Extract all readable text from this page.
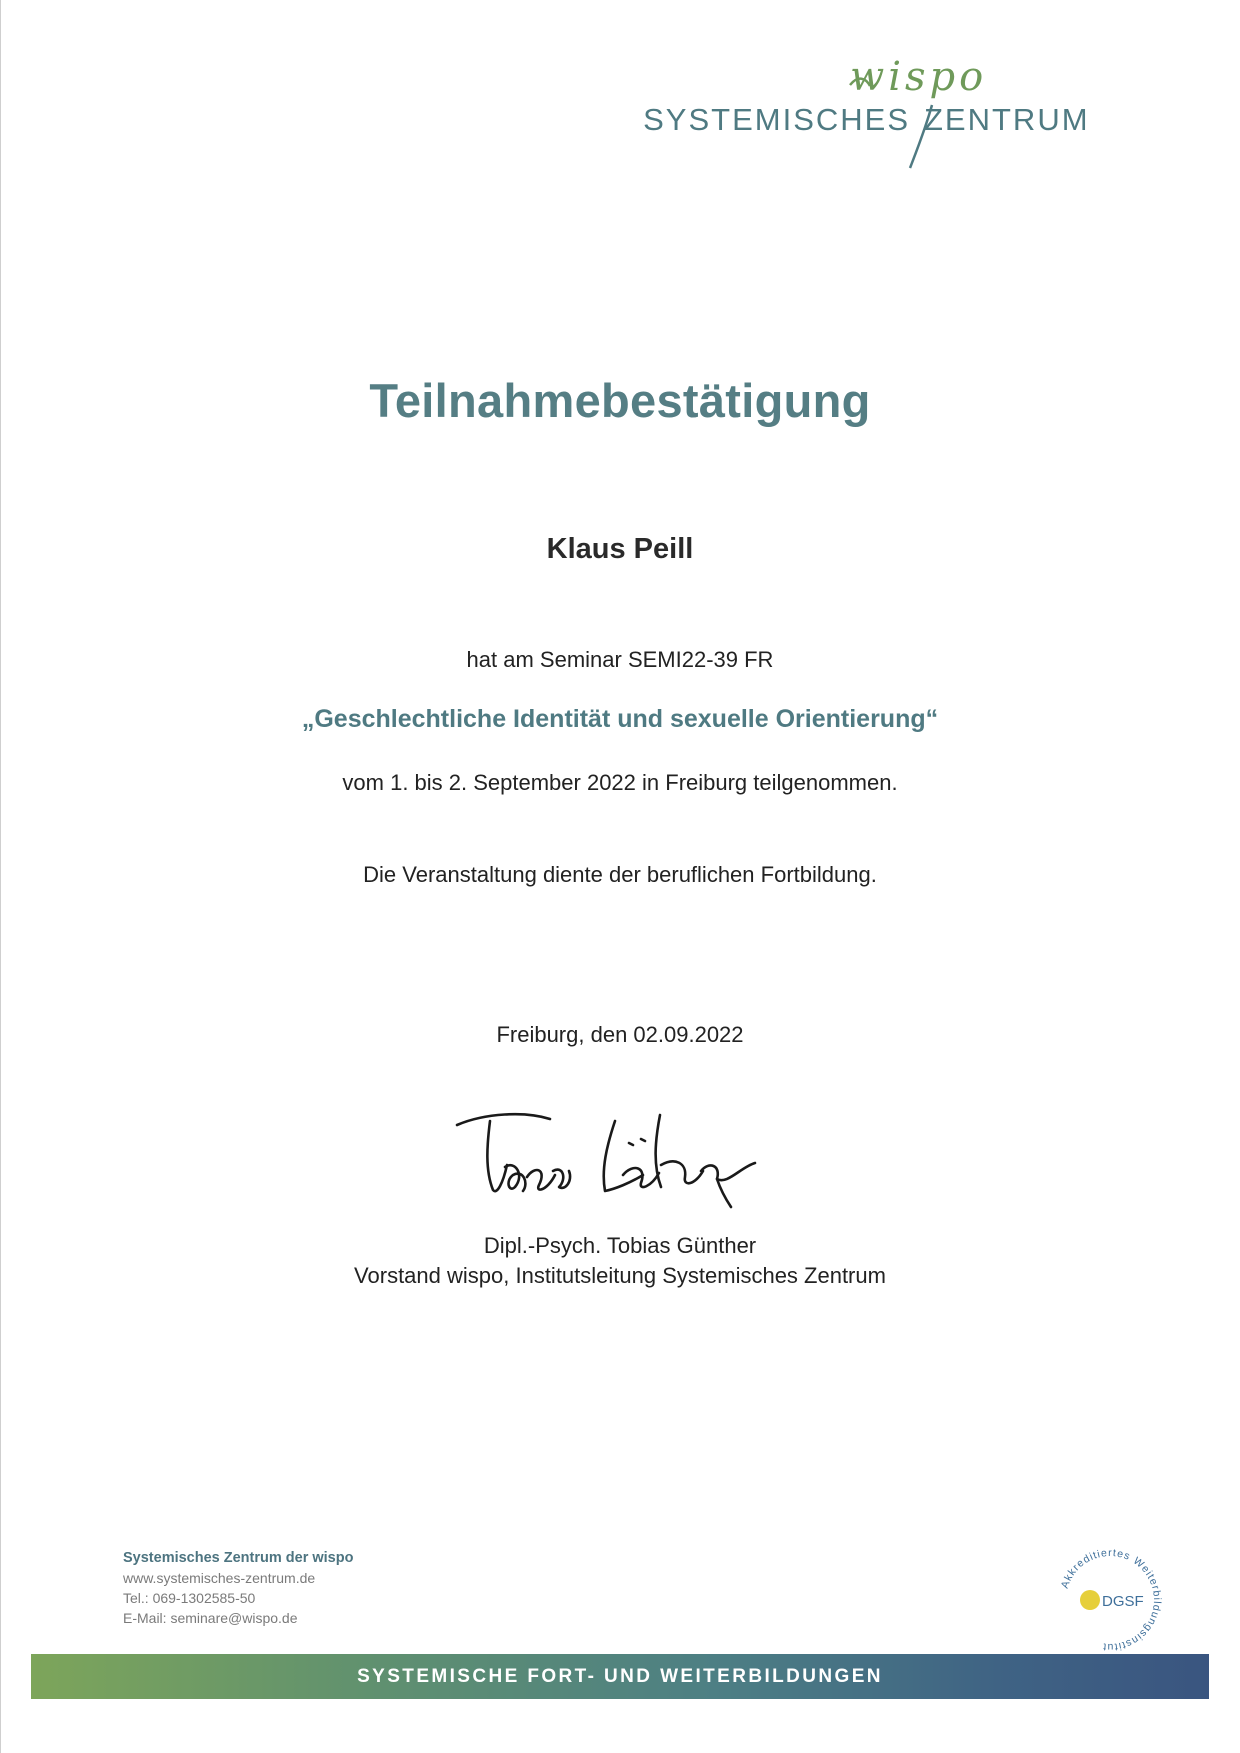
wispo
SYSTEMISCHES ZENTRUM
Teilnahmebestätigung
Klaus Peill
hat am Seminar SEMI22-39 FR
„Geschlechtliche Identität und sexuelle Orientierung“
vom 1. bis 2. September 2022 in Freiburg teilgenommen.
Die Veranstaltung diente der beruflichen Fortbildung.
Freiburg, den 02.09.2022
Dipl.-Psych. Tobias Günther
Vorstand wispo, Institutsleitung Systemisches Zentrum
Systemisches Zentrum der wispo
www.systemisches-zentrum.de
Tel.: 069-1302585-50
E-Mail: seminare@wispo.de
Akkreditiertes Weiterbildungsinstitut
DGSF
SYSTEMISCHE FORT- UND WEITERBILDUNGEN
